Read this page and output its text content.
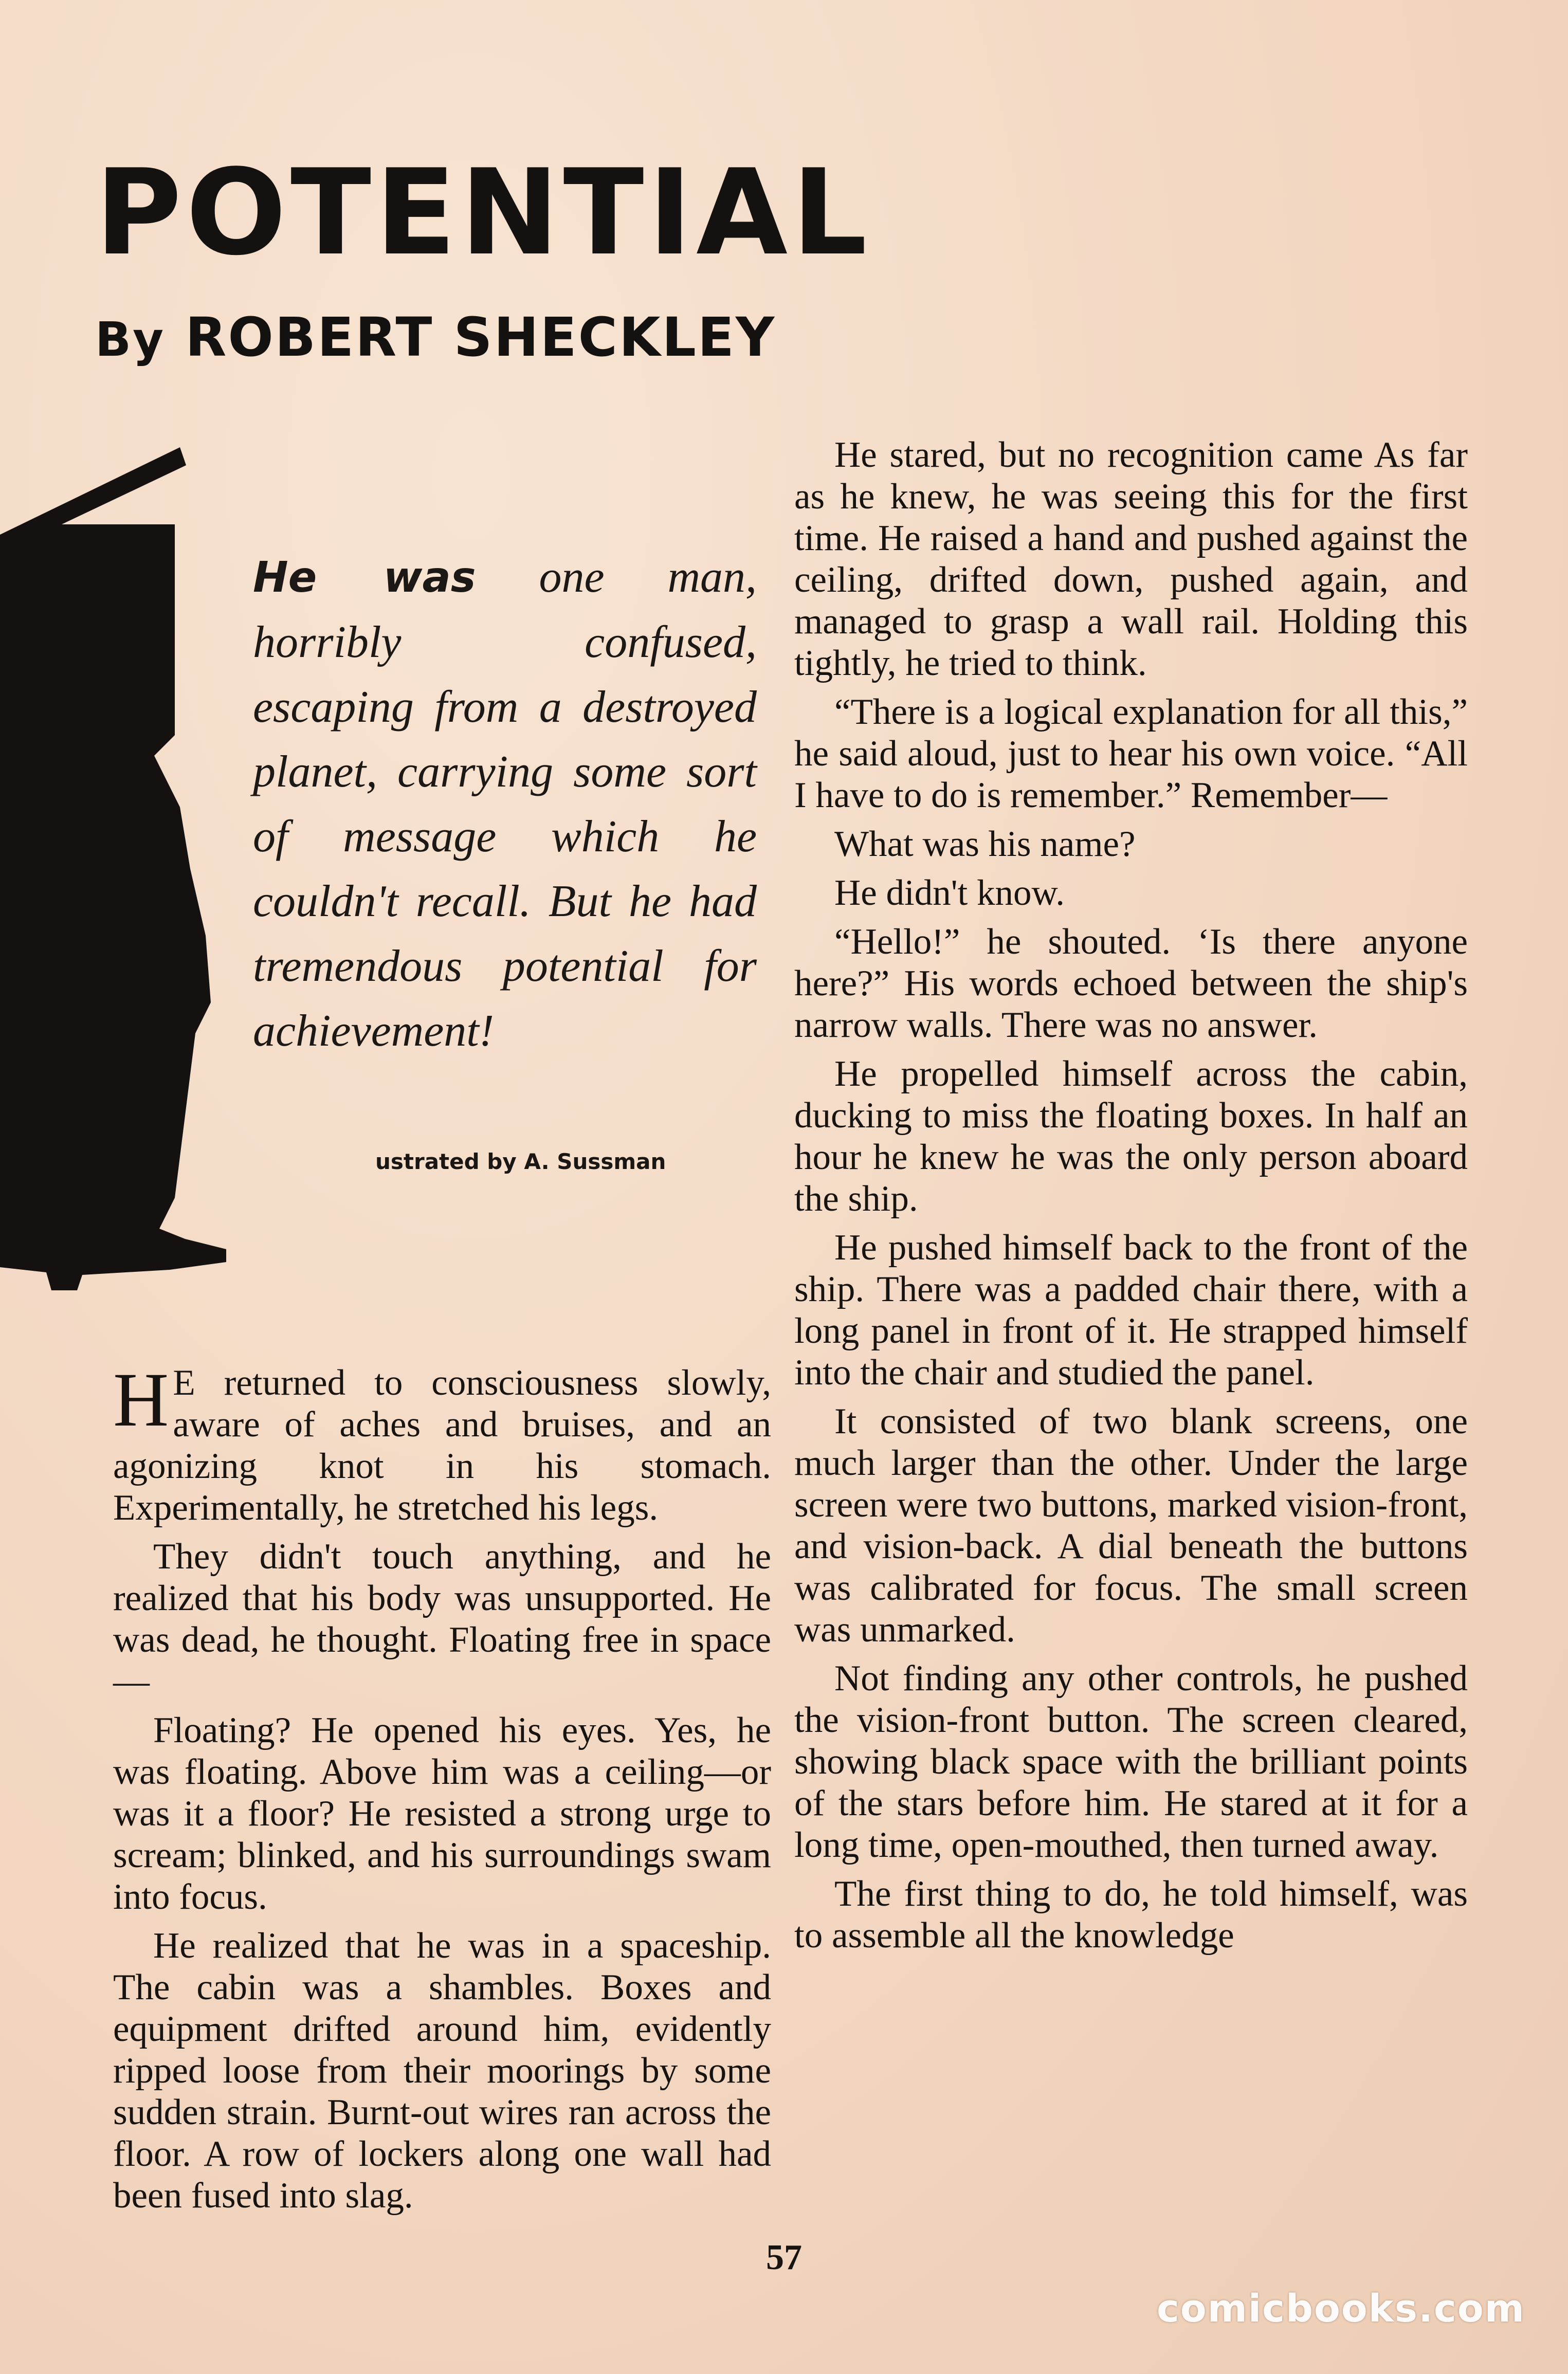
POTENTIAL
By ROBERT SHECKLEY
He was one man, horribly confused, escaping from a destroyed planet, carrying some sort of message which he couldn't recall. But he had tremendous potential for achievement!
ustrated by A. Sussman

H E returned to consciousness slowly, aware of aches and bruises, and an agonizing knot in his stomach. Experimentally, he stretched his legs.

They didn't touch anything, and he realized that his body was unsupported. He was dead, he thought. Floating free in space—

Floating? He opened his eyes. Yes, he was floating. Above him was a ceiling—or was it a floor? He resisted a strong urge to scream; blinked, and his surroundings swam into focus.

He realized that he was in a spaceship. The cabin was a shambles. Boxes and equipment drifted around him, evidently ripped loose from their moorings by some sudden strain. Burnt-out wires ran across the floor. A row of lockers along one wall had been fused into slag.

He stared, but no recognition came As far as he knew, he was seeing this for the first time. He raised a hand and pushed against the ceiling, drifted down, pushed again, and managed to grasp a wall rail. Holding this tightly, he tried to think.

“There is a logical explanation for all this,” he said aloud, just to hear his own voice. “All I have to do is remember.” Remember—

What was his name?

He didn't know.

“Hello!” he shouted. ‘Is there anyone here?” His words echoed between the ship's narrow walls. There was no answer.

He propelled himself across the cabin, ducking to miss the floating boxes. In half an hour he knew he was the only person aboard the ship.

He pushed himself back to the front of the ship. There was a padded chair there, with a long panel in front of it. He strapped himself into the chair and studied the panel.

It consisted of two blank screens, one much larger than the other. Under the large screen were two buttons, marked vision-front, and vision-back. A dial beneath the buttons was calibrated for focus. The small screen was unmarked.

Not finding any other controls, he pushed the vision-front button. The screen cleared, showing black space with the brilliant points of the stars before him. He stared at it for a long time, open-mouthed, then turned away.

The first thing to do, he told himself, was to assemble all the knowledge

57
comicbooks.com
